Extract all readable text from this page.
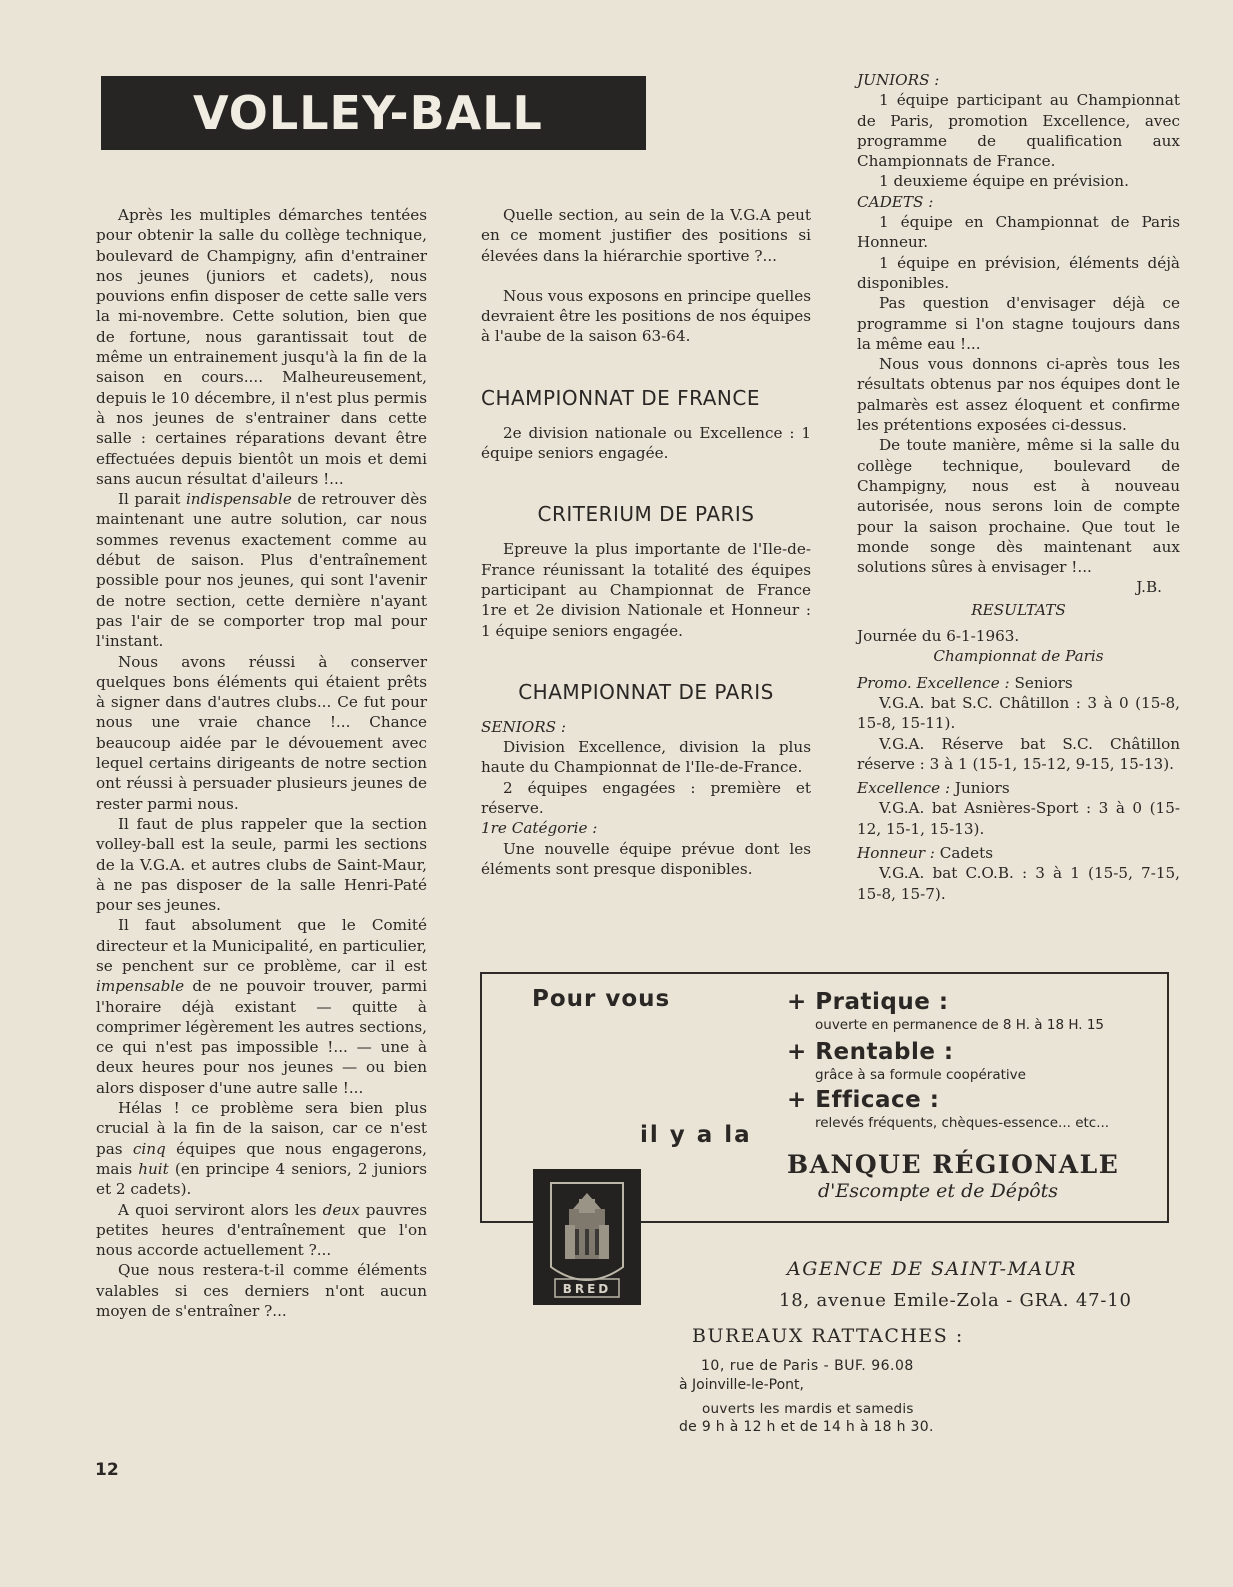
VOLLEY-BALL

Après les multiples démarches tentées pour obtenir la salle du collège technique, boulevard de Champigny, afin d'entrainer nos jeunes (juniors et cadets), nous pouvions enfin disposer de cette salle vers la mi-novembre. Cette solution, bien que de fortune, nous garantissait tout de même un entrainement jusqu'à la fin de la saison en cours.... Malheureusement, depuis le 10 décembre, il n'est plus permis à nos jeunes de s'entrainer dans cette salle : certaines réparations devant être effectuées depuis bientôt un mois et demi sans aucun résultat d'aileurs !...

Il parait indispensable de retrouver dès maintenant une autre solution, car nous sommes revenus exactement comme au début de saison. Plus d'entraînement possible pour nos jeunes, qui sont l'avenir de notre section, cette dernière n'ayant pas l'air de se comporter trop mal pour l'instant.

Nous avons réussi à conserver quelques bons éléments qui étaient prêts à signer dans d'autres clubs... Ce fut pour nous une vraie chance !... Chance beaucoup aidée par le dévouement avec lequel certains dirigeants de notre section ont réussi à persuader plusieurs jeunes de rester parmi nous.

Il faut de plus rappeler que la section volley-ball est la seule, parmi les sections de la V.G.A. et autres clubs de Saint-Maur, à ne pas disposer de la salle Henri-Paté pour ses jeunes.

Il faut absolument que le Comité directeur et la Municipalité, en particulier, se penchent sur ce problème, car il est impensable de ne pouvoir trouver, parmi l'horaire déjà existant — quitte à comprimer légèrement les autres sections, ce qui n'est pas impossible !... — une à deux heures pour nos jeunes — ou bien alors disposer d'une autre salle !...

Hélas ! ce problème sera bien plus crucial à la fin de la saison, car ce n'est pas cinq équipes que nous engagerons, mais huit (en principe 4 seniors, 2 juniors et 2 cadets).

A quoi serviront alors les deux pauvres petites heures d'entraînement que l'on nous accorde actuellement ?...

Que nous restera-t-il comme éléments valables si ces derniers n'ont aucun moyen de s'entraîner ?...

Quelle section, au sein de la V.G.A peut en ce moment justifier des positions si élevées dans la hiérarchie sportive ?...

Nous vous exposons en principe quelles devraient être les positions de nos équipes à l'aube de la saison 63-64.

CHAMPIONNAT DE FRANCE

2e division nationale ou Excellence : 1 équipe seniors engagée.

CRITERIUM DE PARIS

Epreuve la plus importante de l'Ile-de-France réunissant la totalité des équipes participant au Championnat de France 1re et 2e division Nationale et Honneur : 1 équipe seniors engagée.

CHAMPIONNAT DE PARIS

SENIORS :

Division Excellence, division la plus haute du Championnat de l'Ile-de-France.

2 équipes engagées : première et réserve.

1re Catégorie :

Une nouvelle équipe prévue dont les éléments sont presque disponibles.

JUNIORS :

1 équipe participant au Championnat de Paris, promotion Excellence, avec programme de qualification aux Championnats de France.

1 deuxieme équipe en prévision.

CADETS :

1 équipe en Championnat de Paris Honneur.

1 équipe en prévision, éléments déjà disponibles.

Pas question d'envisager déjà ce programme si l'on stagne toujours dans la même eau !...

Nous vous donnons ci-après tous les résultats obtenus par nos équipes dont le palmarès est assez éloquent et confirme les prétentions exposées ci-dessus.

De toute manière, même si la salle du collège technique, boulevard de Champigny, nous est à nouveau autorisée, nous serons loin de compte pour la saison prochaine. Que tout le monde songe dès maintenant aux solutions sûres à envisager !...

J.B.

RESULTATS

Journée du 6-1-1963.

Championnat de Paris

Promo. Excellence : Seniors

V.G.A. bat S.C. Châtillon : 3 à 0 (15-8, 15-8, 15-11).

V.G.A. Réserve bat S.C. Châtillon réserve : 3 à 1 (15-1, 15-12, 9-15, 15-13).

Excellence : Juniors

V.G.A. bat Asnières-Sport : 3 à 0 (15-12, 15-1, 15-13).

Honneur : Cadets

V.G.A. bat C.O.B. : 3 à 1 (15-5, 7-15, 15-8, 15-7).

Pour vous
il y a la
+ Pratique :
ouverte en permanence de 8 H. à 18 H. 15
+ Rentable :
grâce à sa formule coopérative
+ Efficace :
relevés fréquents, chèques-essence... etc...
BANQUE RÉGIONALE
d'Escompte et de Dépôts
BRED
AGENCE DE SAINT-MAUR
18, avenue Emile-Zola - GRA. 47-10
BUREAUX RATTACHES :
10, rue de Paris - BUF. 96.08
à Joinville-le-Pont,
ouverts les mardis et samedis
de 9 h à 12 h et de 14 h à 18 h 30.
12
